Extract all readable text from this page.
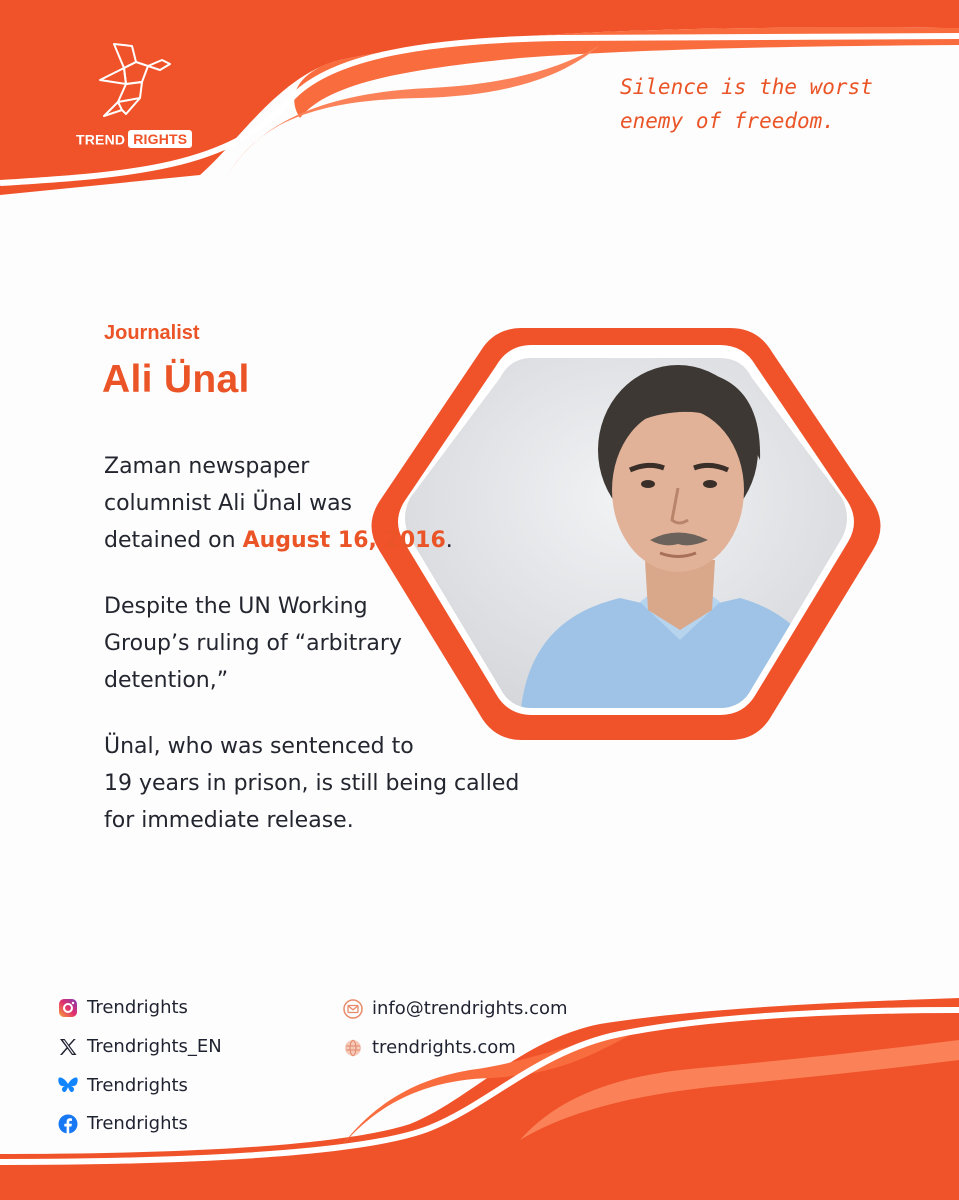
TREND RIGHTS
Silence is the worst
enemy of freedom.
Journalist
Ali Ünal
Zaman newspaper
columnist Ali Ünal was
detained on August 16, 2016.
Despite the UN Working
Group’s ruling of “arbitrary
detention,”
Ünal, who was sentenced to
19 years in prison, is still being called
for immediate release.
Trendrights
Trendrights_EN
Trendrights
Trendrights
info@trendrights.com
trendrights.com
